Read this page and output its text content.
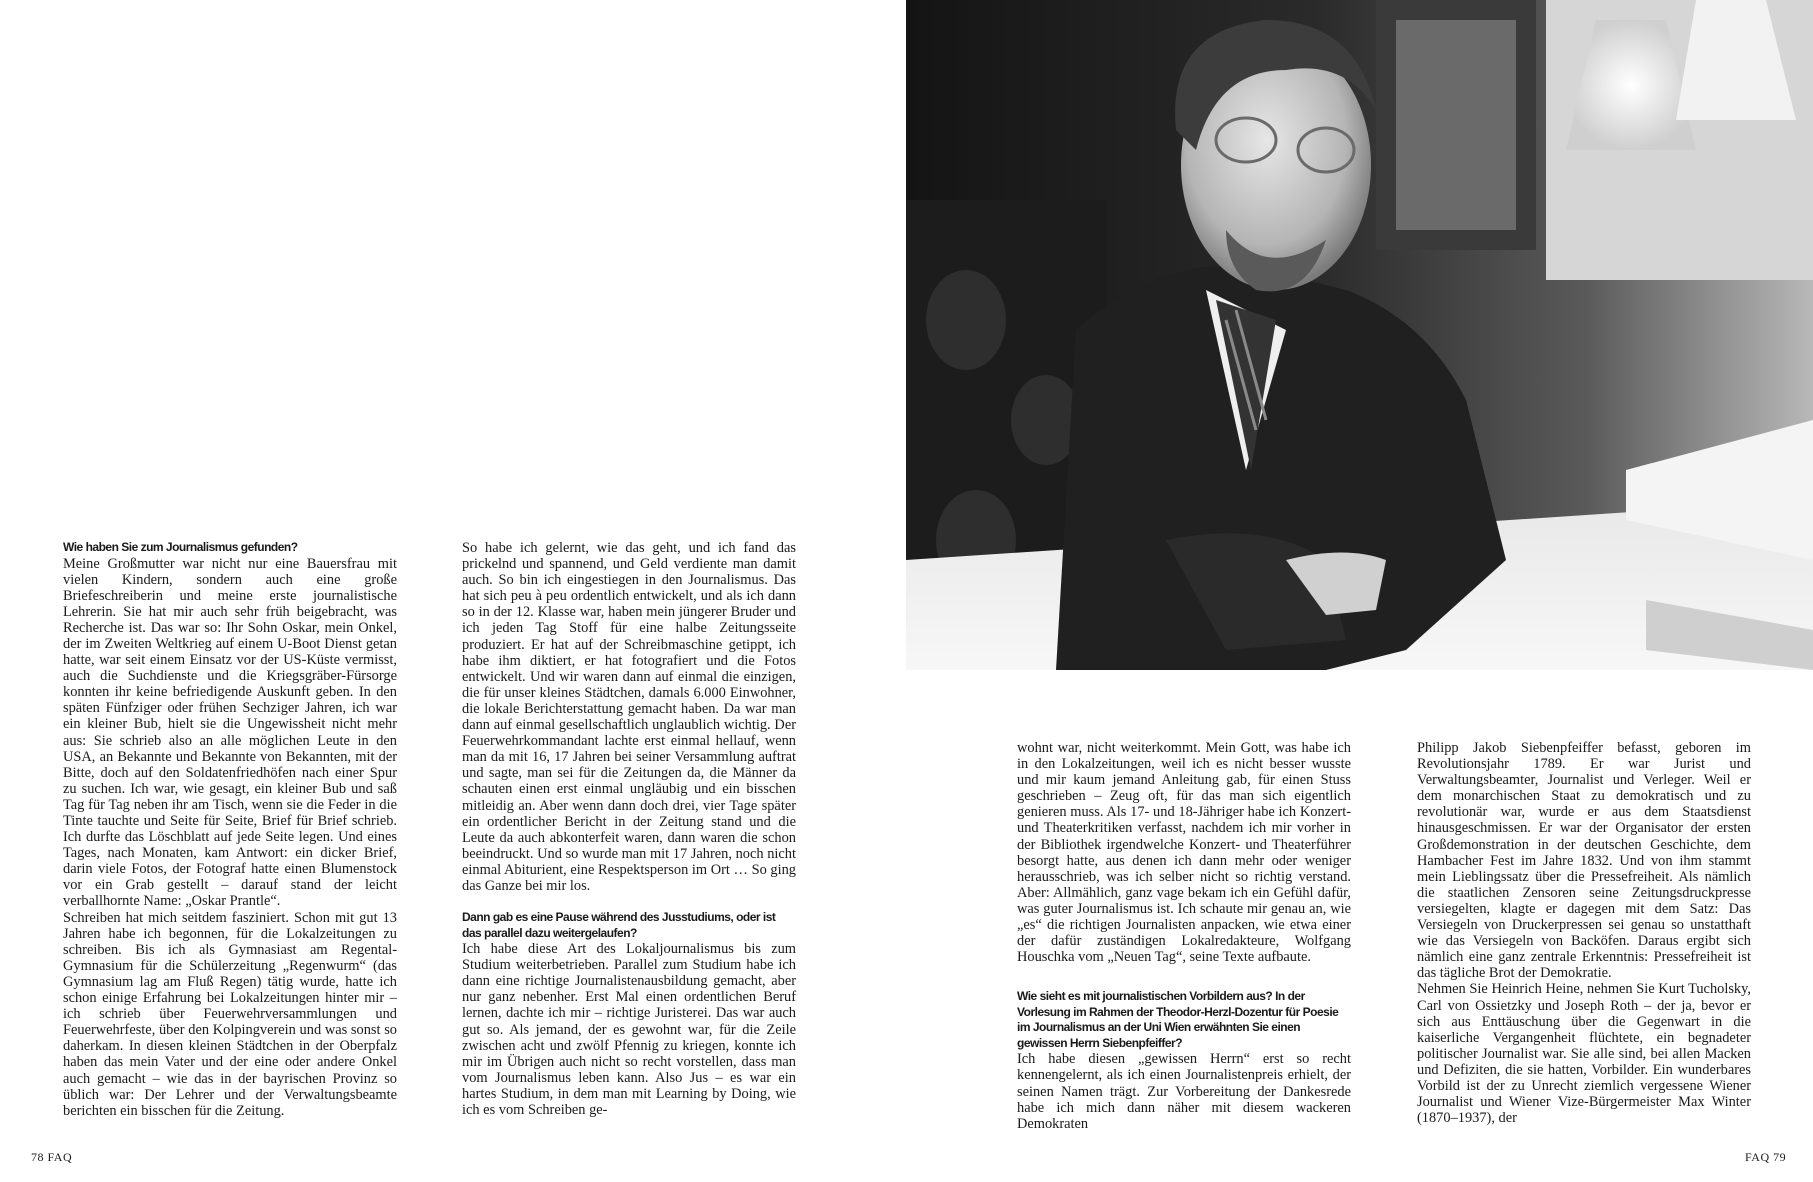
Wie haben Sie zum Journalismus gefunden?

Meine Großmutter war nicht nur eine Bauersfrau mit vielen Kindern, sondern auch eine große Briefeschreiberin und meine erste journalistische Lehrerin. Sie hat mir auch sehr früh beigebracht, was Recherche ist. Das war so: Ihr Sohn Oskar, mein Onkel, der im Zweiten Weltkrieg auf einem U-Boot Dienst getan hatte, war seit einem Einsatz vor der US-Küste vermisst, auch die Suchdienste und die Kriegsgräber-Fürsorge konnten ihr keine befriedigende Auskunft geben. In den späten Fünfziger oder frühen Sechziger Jahren, ich war ein kleiner Bub, hielt sie die Ungewissheit nicht mehr aus: Sie schrieb also an alle möglichen Leute in den USA, an Bekannte und Bekannte von Bekannten, mit der Bitte, doch auf den Soldatenfriedhöfen nach einer Spur zu suchen. Ich war, wie gesagt, ein kleiner Bub und saß Tag für Tag neben ihr am Tisch, wenn sie die Feder in die Tinte tauchte und Seite für Seite, Brief für Brief schrieb. Ich durfte das Löschblatt auf jede Seite legen. Und eines Tages, nach Monaten, kam Antwort: ein dicker Brief, darin viele Fotos, der Fotograf hatte einen Blumenstock vor ein Grab gestellt – darauf stand der leicht verballhornte Name: „Oskar Prantle“.

Schreiben hat mich seitdem fasziniert. Schon mit gut 13 Jahren habe ich begonnen, für die Lokalzeitungen zu schreiben. Bis ich als Gymnasiast am Regental-Gymnasium für die Schülerzeitung „Regenwurm“ (das Gymnasium lag am Fluß Regen) tätig wurde, hatte ich schon einige Erfahrung bei Lokalzeitungen hinter mir – ich schrieb über Feuerwehrversammlungen und Feuerwehrfeste, über den Kolpingverein und was sonst so daherkam. In diesen kleinen Städtchen in der Oberpfalz haben das mein Vater und der eine oder andere Onkel auch gemacht – wie das in der bayrischen Provinz so üblich war: Der Lehrer und der Verwaltungsbeamte berichten ein bisschen für die Zeitung.

So habe ich gelernt, wie das geht, und ich fand das prickelnd und spannend, und Geld verdiente man damit auch. So bin ich eingestiegen in den Journalismus. Das hat sich peu à peu ordentlich entwickelt, und als ich dann so in der 12. Klasse war, haben mein jüngerer Bruder und ich jeden Tag Stoff für eine halbe Zeitungsseite produziert. Er hat auf der Schreibmaschine getippt, ich habe ihm diktiert, er hat fotografiert und die Fotos entwickelt. Und wir waren dann auf einmal die einzigen, die für unser kleines Städtchen, damals 6.000 Einwohner, die lokale Berichterstattung gemacht haben. Da war man dann auf einmal gesellschaftlich unglaublich wichtig. Der Feuerwehrkommandant lachte erst einmal hellauf, wenn man da mit 16, 17 Jahren bei seiner Versammlung auftrat und sagte, man sei für die Zeitungen da, die Männer da schauten einen erst einmal ungläubig und ein bisschen mitleidig an. Aber wenn dann doch drei, vier Tage später ein ordentlicher Bericht in der Zeitung stand und die Leute da auch abkonterfeit waren, dann waren die schon beeindruckt. Und so wurde man mit 17 Jahren, noch nicht einmal Abiturient, eine Respektsperson im Ort … So ging das Ganze bei mir los.

Dann gab es eine Pause während des Jusstudiums, oder ist das parallel dazu weitergelaufen?

Ich habe diese Art des Lokaljournalismus bis zum Studium weiterbetrieben. Parallel zum Studium habe ich dann eine richtige Journalistenausbildung gemacht, aber nur ganz nebenher. Erst Mal einen ordentlichen Beruf lernen, dachte ich mir – richtige Juristerei. Das war auch gut so. Als jemand, der es gewohnt war, für die Zeile zwischen acht und zwölf Pfennig zu kriegen, konnte ich mir im Übrigen auch nicht so recht vorstellen, dass man vom Journalismus leben kann. Also Jus – es war ein hartes Studium, in dem man mit Learning by Doing, wie ich es vom Schreiben ge-

wohnt war, nicht weiterkommt. Mein Gott, was habe ich in den Lokalzeitungen, weil ich es nicht besser wusste und mir kaum jemand Anleitung gab, für einen Stuss geschrieben – Zeug oft, für das man sich eigentlich genieren muss. Als 17- und 18-Jähriger habe ich Konzert- und Theaterkritiken verfasst, nachdem ich mir vorher in der Bibliothek irgendwelche Konzert- und Theaterführer besorgt hatte, aus denen ich dann mehr oder weniger herausschrieb, was ich selber nicht so richtig verstand. Aber: Allmählich, ganz vage bekam ich ein Gefühl dafür, was guter Journalismus ist. Ich schaute mir genau an, wie „es“ die richtigen Journalisten anpacken, wie etwa einer der dafür zuständigen Lokalredakteure, Wolfgang Houschka vom „Neuen Tag“, seine Texte aufbaute.

Wie sieht es mit journalistischen Vorbildern aus? In der Vorlesung im Rahmen der Theodor-Herzl-Dozentur für Poesie im Journalismus an der Uni Wien erwähnten Sie einen gewissen Herrn Siebenpfeiffer?

Ich habe diesen „gewissen Herrn“ erst so recht kennengelernt, als ich einen Journalistenpreis erhielt, der seinen Namen trägt. Zur Vorbereitung der Dankesrede habe ich mich dann näher mit diesem wackeren Demokraten

Philipp Jakob Siebenpfeiffer befasst, geboren im Revolutionsjahr 1789. Er war Jurist und Verwaltungsbeamter, Journalist und Verleger. Weil er dem monarchischen Staat zu demokratisch und zu revolutionär war, wurde er aus dem Staatsdienst hinausgeschmissen. Er war der Organisator der ersten Großdemonstration in der deutschen Geschichte, dem Hambacher Fest im Jahre 1832. Und von ihm stammt mein Lieblingssatz über die Pressefreiheit. Als nämlich die staatlichen Zensoren seine Zeitungsdruckpresse versiegelten, klagte er dagegen mit dem Satz: Das Versiegeln von Druckerpressen sei genau so unstatthaft wie das Versiegeln von Backöfen. Daraus ergibt sich nämlich eine ganz zentrale Erkenntnis: Pressefreiheit ist das tägliche Brot der Demokratie.

Nehmen Sie Heinrich Heine, nehmen Sie Kurt Tucholsky, Carl von Ossietzky und Joseph Roth – der ja, bevor er sich aus Enttäuschung über die Gegenwart in die kaiserliche Vergangenheit flüchtete, ein begnadeter politischer Journalist war. Sie alle sind, bei allen Macken und Defiziten, die sie hatten, Vorbilder. Ein wunderbares Vorbild ist der zu Unrecht ziemlich vergessene Wiener Journalist und Wiener Vize-Bürgermeister Max Winter (1870–1937), der

78 FAQ	FAQ 79
